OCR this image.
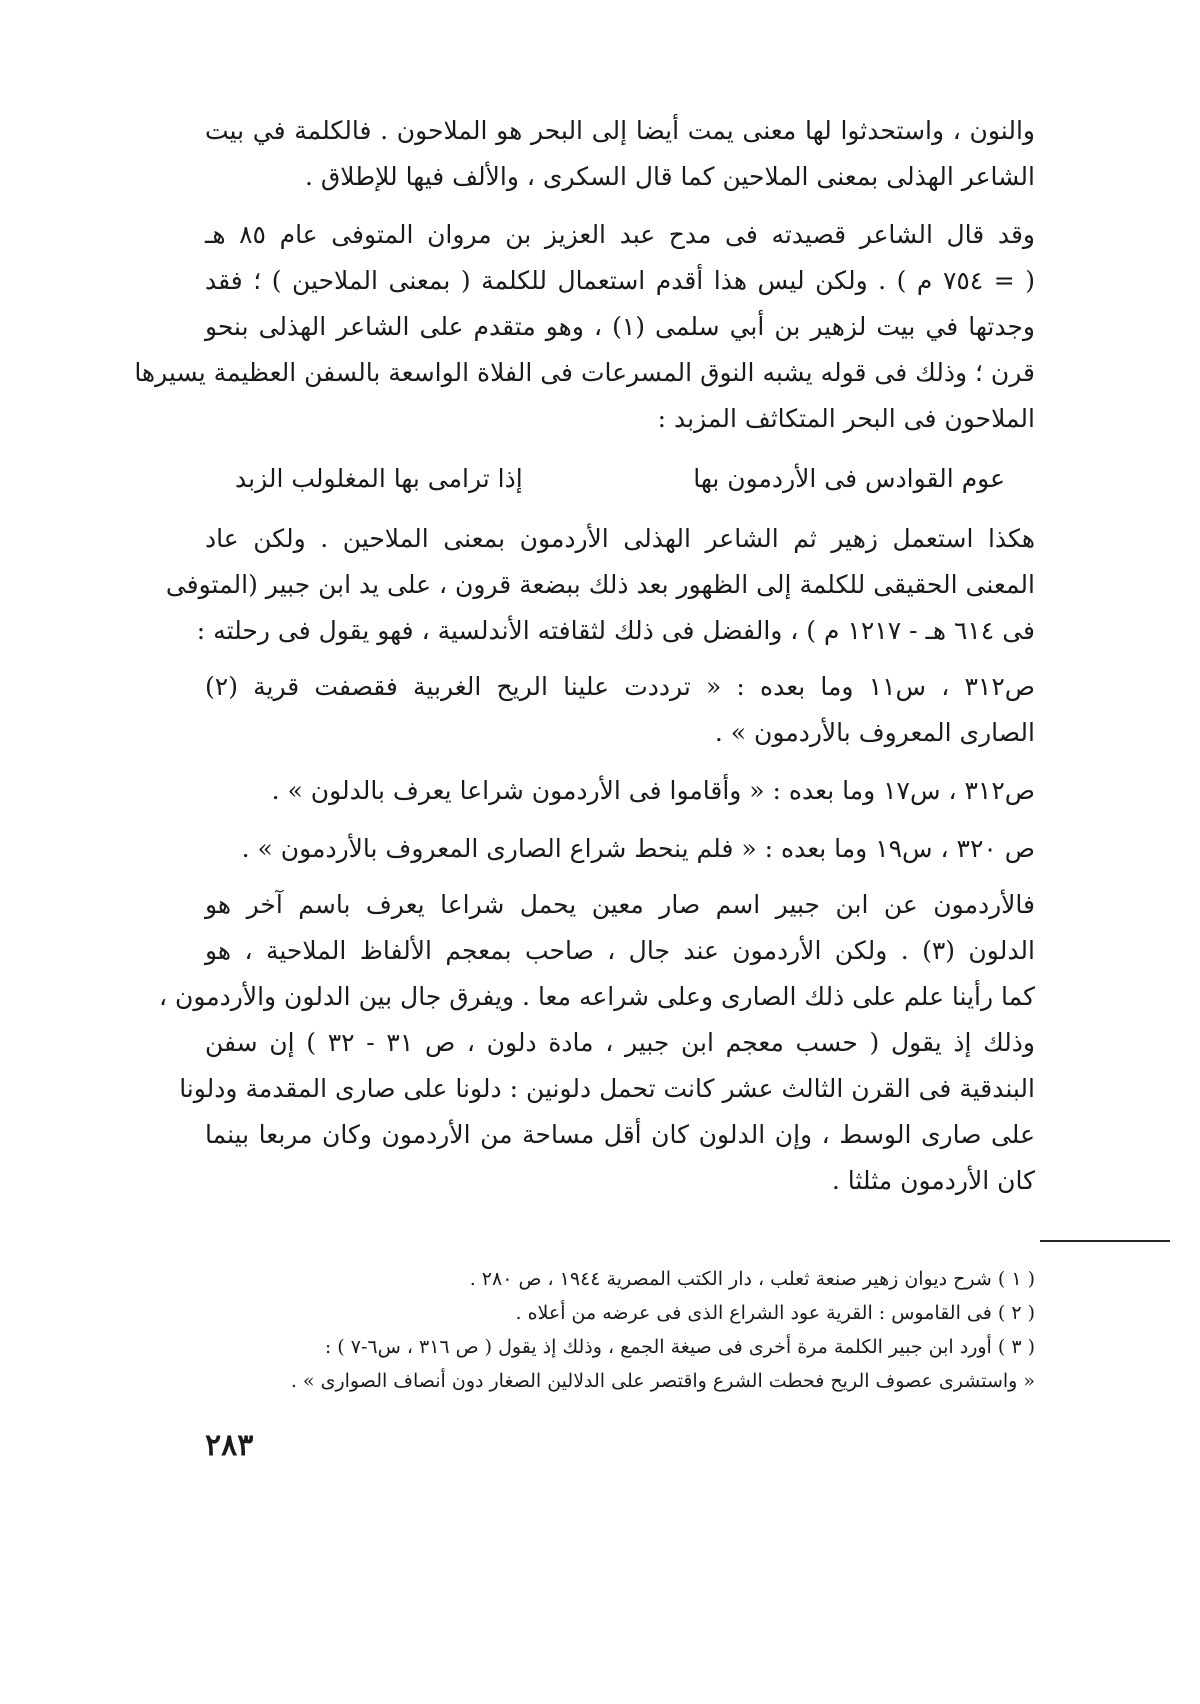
والنون ، واستحدثوا لها معنى يمت أيضا إلى البحر هو الملاحون . فالكلمة في بيت
الشاعر الهذلى بمعنى الملاحين كما قال السكرى ، والألف فيها للإطلاق .
وقد قال الشاعر قصيدته فى مدح عبد العزيز بن مروان المتوفى عام ٨٥ هـ
( = ٧٥٤ م ) . ولكن ليس هذا أقدم استعمال للكلمة ( بمعنى الملاحين ) ؛ فقد
وجدتها في بيت لزهير بن أبي سلمى (١) ، وهو متقدم على الشاعر الهذلى بنحو
قرن ؛ وذلك فى قوله يشبه النوق المسرعات فى الفلاة الواسعة بالسفن العظيمة يسيرها
الملاحون فى البحر المتكاثف المزبد :
عوم القوادس فى الأردمون بها
إذا ترامى بها المغلولب الزبد
هكذا استعمل زهير ثم الشاعر الهذلى الأردمون بمعنى الملاحين . ولكن عاد
المعنى الحقيقى للكلمة إلى الظهور بعد ذلك ببضعة قرون ، على يد ابن جبير (المتوفى
فى ٦١٤ هـ - ١٢١٧ م ) ، والفضل فى ذلك لثقافته الأندلسية ، فهو يقول فى رحلته :
ص٣١٢ ، س١١ وما بعده : « ترددت علينا الريح الغربية فقصفت قرية (٢)
الصارى المعروف بالأردمون » .
ص٣١٢ ، س١٧ وما بعده : « وأقاموا فى الأردمون شراعا يعرف بالدلون » .
ص ٣٢٠ ، س١٩ وما بعده : « فلم ينحط شراع الصارى المعروف بالأردمون » .
فالأردمون عن ابن جبير اسم صار معين يحمل شراعا يعرف باسم آخر هو
الدلون (٣) . ولكن الأردمون عند جال ، صاحب بمعجم الألفاظ الملاحية ، هو
كما رأينا علم على ذلك الصارى وعلى شراعه معا . ويفرق جال بين الدلون والأردمون ،
وذلك إذ يقول ( حسب معجم ابن جبير ، مادة دلون ، ص ٣١ - ٣٢ ) إن سفن
البندقية فى القرن الثالث عشر كانت تحمل دلونين : دلونا على صارى المقدمة ودلونا
على صارى الوسط ، وإن الدلون كان أقل مساحة من الأردمون وكان مربعا بينما
كان الأردمون مثلثا .
( ١ ) شرح ديوان زهير صنعة ثعلب ، دار الكتب المصرية ١٩٤٤ ، ص ٢٨٠ .
( ٢ ) فى القاموس : القرية عود الشراع الذى فى عرضه من أعلاه .
( ٣ ) أورد ابن جبير الكلمة مرة أخرى فى صيغة الجمع ، وذلك إذ يقول ( ص ٣١٦ ، س٦-٧ ) :
« واستشرى عصوف الريح فحطت الشرع واقتصر على الدلالين الصغار دون أنصاف الصوارى » .
٢٨٣
